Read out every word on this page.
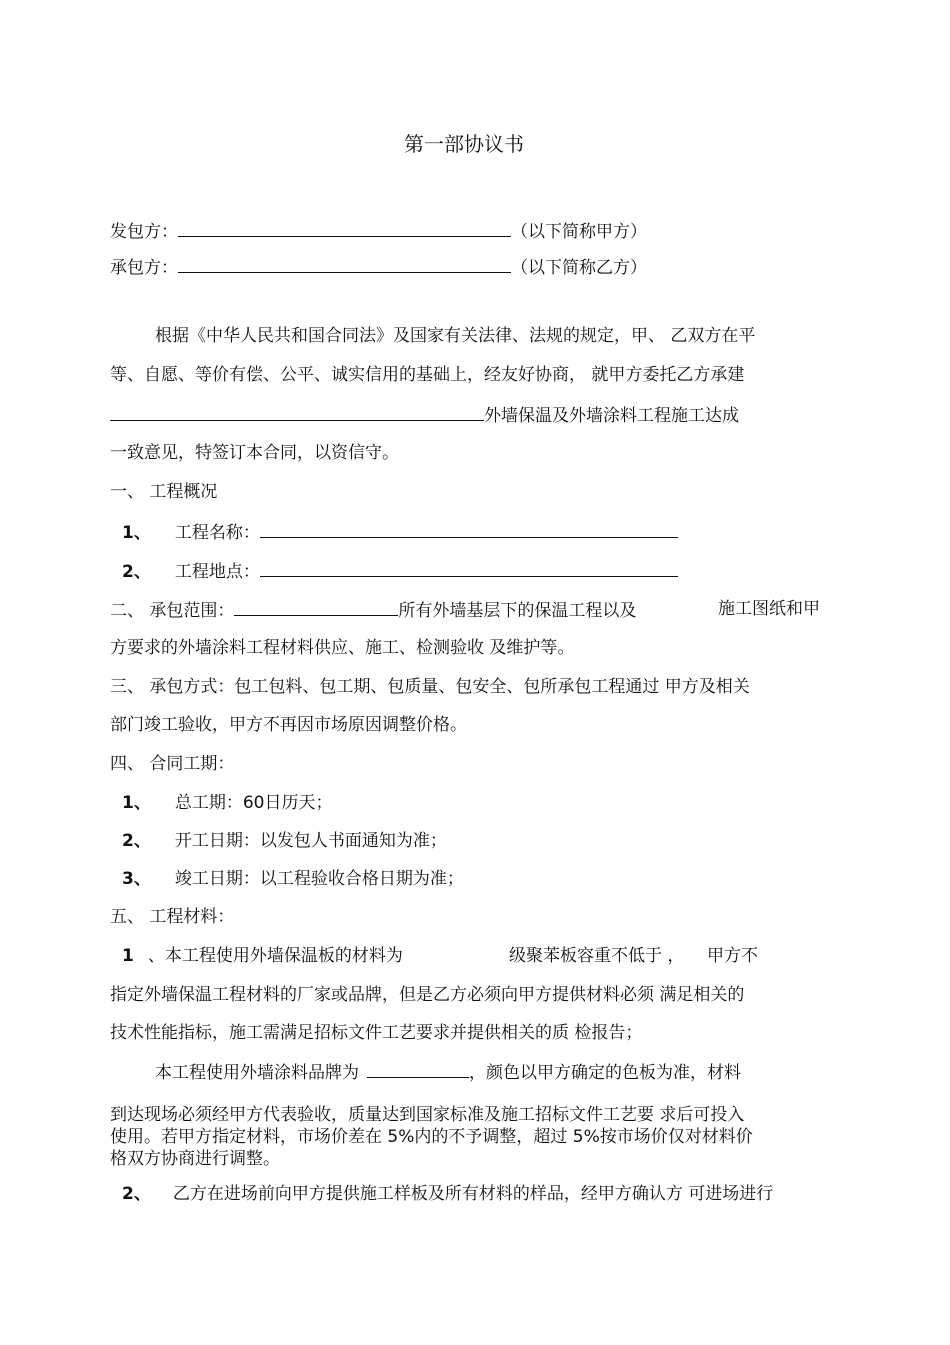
第一部协议书
发包方：	（以下简称甲方）
承包方：	（以下简称乙方）
根据《中华人民共和国合同法》及国家有关法律、法规的规定，甲、 乙双方在平
等、自愿、等价有偿、公平、诚实信用的基础上，经友好协商， 就甲方委托乙方承建
外墙保温及外墙涂料工程施工达成
一致意见，特签订本合同，以资信守。
一、 工程概况
1、 工程名称：
2、 工程地点：
二、 承包范围：	所有外墙基层下的保温工程以及	施工图纸和甲
方要求的外墙涂料工程材料供应、施工、检测验收 及维护等。
三、 承包方式：包工包料、包工期、包质量、包安全、包所承包工程通过 甲方及相关
部门竣工验收，甲方不再因市场原因调整价格。
四、 合同工期：
1、 总工期：60日历天；
2、 开工日期：以发包人书面通知为准；
3、 竣工日期：以工程验收合格日期为准；
五、 工程材料：
1 、本工程使用外墙保温板的材料为	级聚苯板容重不低于 ， 甲方不
指定外墙保温工程材料的厂家或品牌，但是乙方必须向甲方提供材料必须 满足相关的
技术性能指标，施工需满足招标文件工艺要求并提供相关的质 检报告；
本工程使用外墙涂料品牌为	，颜色以甲方确定的色板为准，材料
到达现场必须经甲方代表验收，质量达到国家标准及施工招标文件工艺要 求后可投入
使用。若甲方指定材料，市场价差在 5%内的不予调整，超过 5%按市场价仅对材料价
格双方协商进行调整。
2、 乙方在进场前向甲方提供施工样板及所有材料的样品，经甲方确认方 可进场进行
